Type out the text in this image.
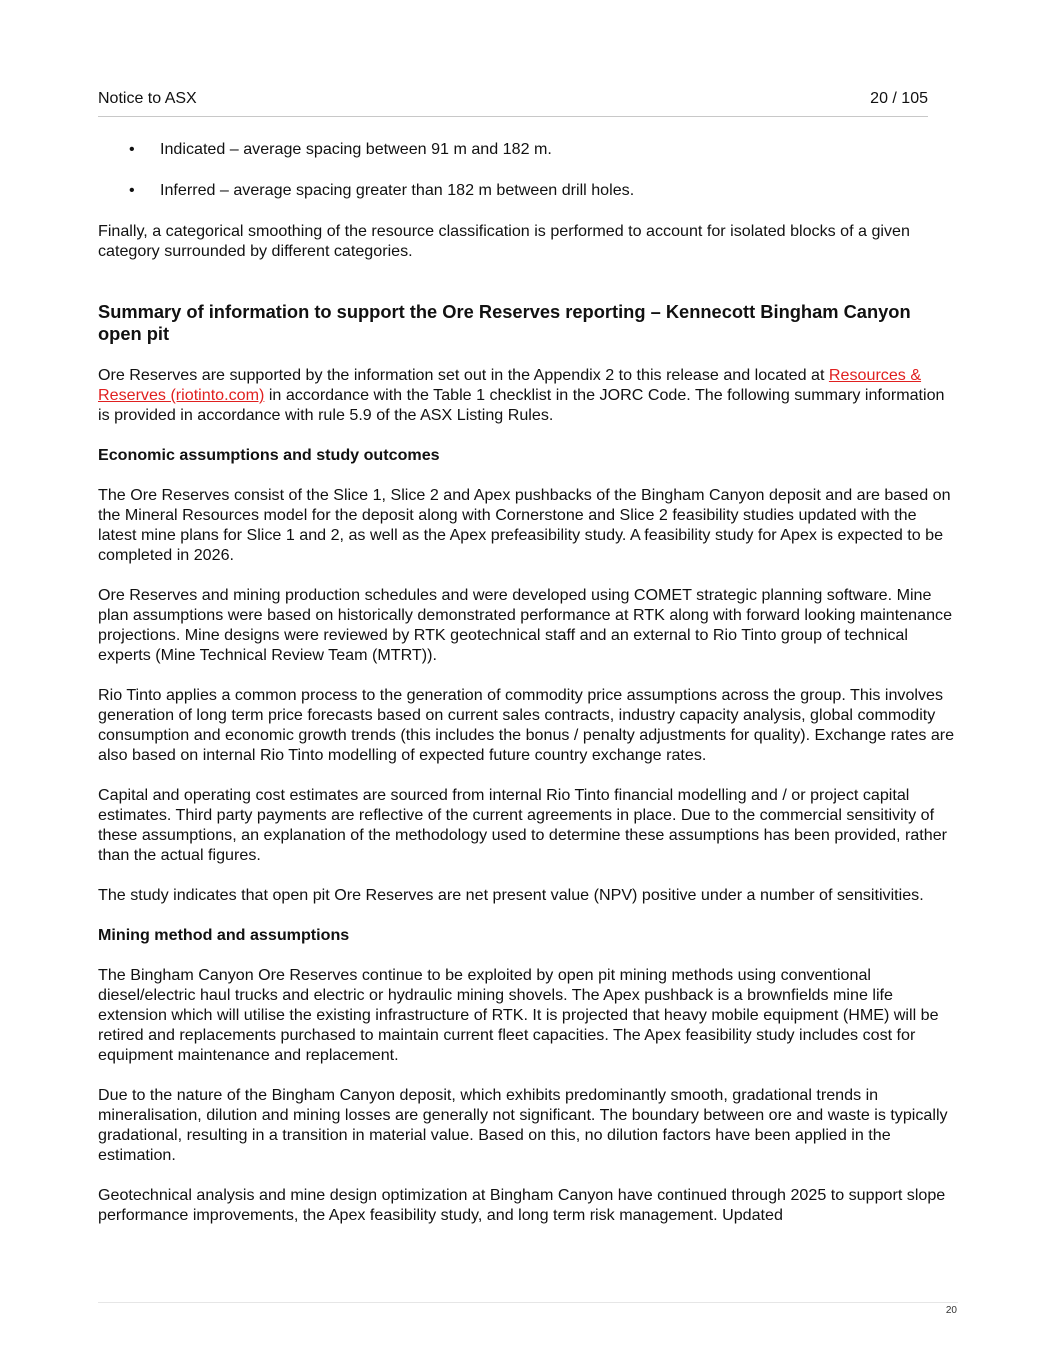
Notice to ASX	20 / 105
• Indicated – average spacing between 91 m and 182 m.
• Inferred – average spacing greater than 182 m between drill holes.

Finally, a categorical smoothing of the resource classification is performed to account for isolated blocks of a given category surrounded by different categories.

Summary of information to support the Ore Reserves reporting – Kennecott Bingham Canyon open pit

Ore Reserves are supported by the information set out in the Appendix 2 to this release and located at Resources & Reserves (riotinto.com) in accordance with the Table 1 checklist in the JORC Code. The following summary information is provided in accordance with rule 5.9 of the ASX Listing Rules.

Economic assumptions and study outcomes

The Ore Reserves consist of the Slice 1, Slice 2 and Apex pushbacks of the Bingham Canyon deposit and are based on the Mineral Resources model for the deposit along with Cornerstone and Slice 2 feasibility studies updated with the latest mine plans for Slice 1 and 2, as well as the Apex prefeasibility study. A feasibility study for Apex is expected to be completed in 2026.

Ore Reserves and mining production schedules and were developed using COMET strategic planning software. Mine plan assumptions were based on historically demonstrated performance at RTK along with forward looking maintenance projections. Mine designs were reviewed by RTK geotechnical staff and an external to Rio Tinto group of technical experts (Mine Technical Review Team (MTRT)).

Rio Tinto applies a common process to the generation of commodity price assumptions across the group. This involves generation of long term price forecasts based on current sales contracts, industry capacity analysis, global commodity consumption and economic growth trends (this includes the bonus / penalty adjustments for quality). Exchange rates are also based on internal Rio Tinto modelling of expected future country exchange rates.

Capital and operating cost estimates are sourced from internal Rio Tinto financial modelling and / or project capital estimates. Third party payments are reflective of the current agreements in place. Due to the commercial sensitivity of these assumptions, an explanation of the methodology used to determine these assumptions has been provided, rather than the actual figures.

The study indicates that open pit Ore Reserves are net present value (NPV) positive under a number of sensitivities.

Mining method and assumptions

The Bingham Canyon Ore Reserves continue to be exploited by open pit mining methods using conventional diesel/electric haul trucks and electric or hydraulic mining shovels. The Apex pushback is a brownfields mine life extension which will utilise the existing infrastructure of RTK. It is projected that heavy mobile equipment (HME) will be retired and replacements purchased to maintain current fleet capacities. The Apex feasibility study includes cost for equipment maintenance and replacement.

Due to the nature of the Bingham Canyon deposit, which exhibits predominantly smooth, gradational trends in mineralisation, dilution and mining losses are generally not significant. The boundary between ore and waste is typically gradational, resulting in a transition in material value. Based on this, no dilution factors have been applied in the estimation.

Geotechnical analysis and mine design optimization at Bingham Canyon have continued through 2025 to support slope performance improvements, the Apex feasibility study, and long term risk management. Updated

20
